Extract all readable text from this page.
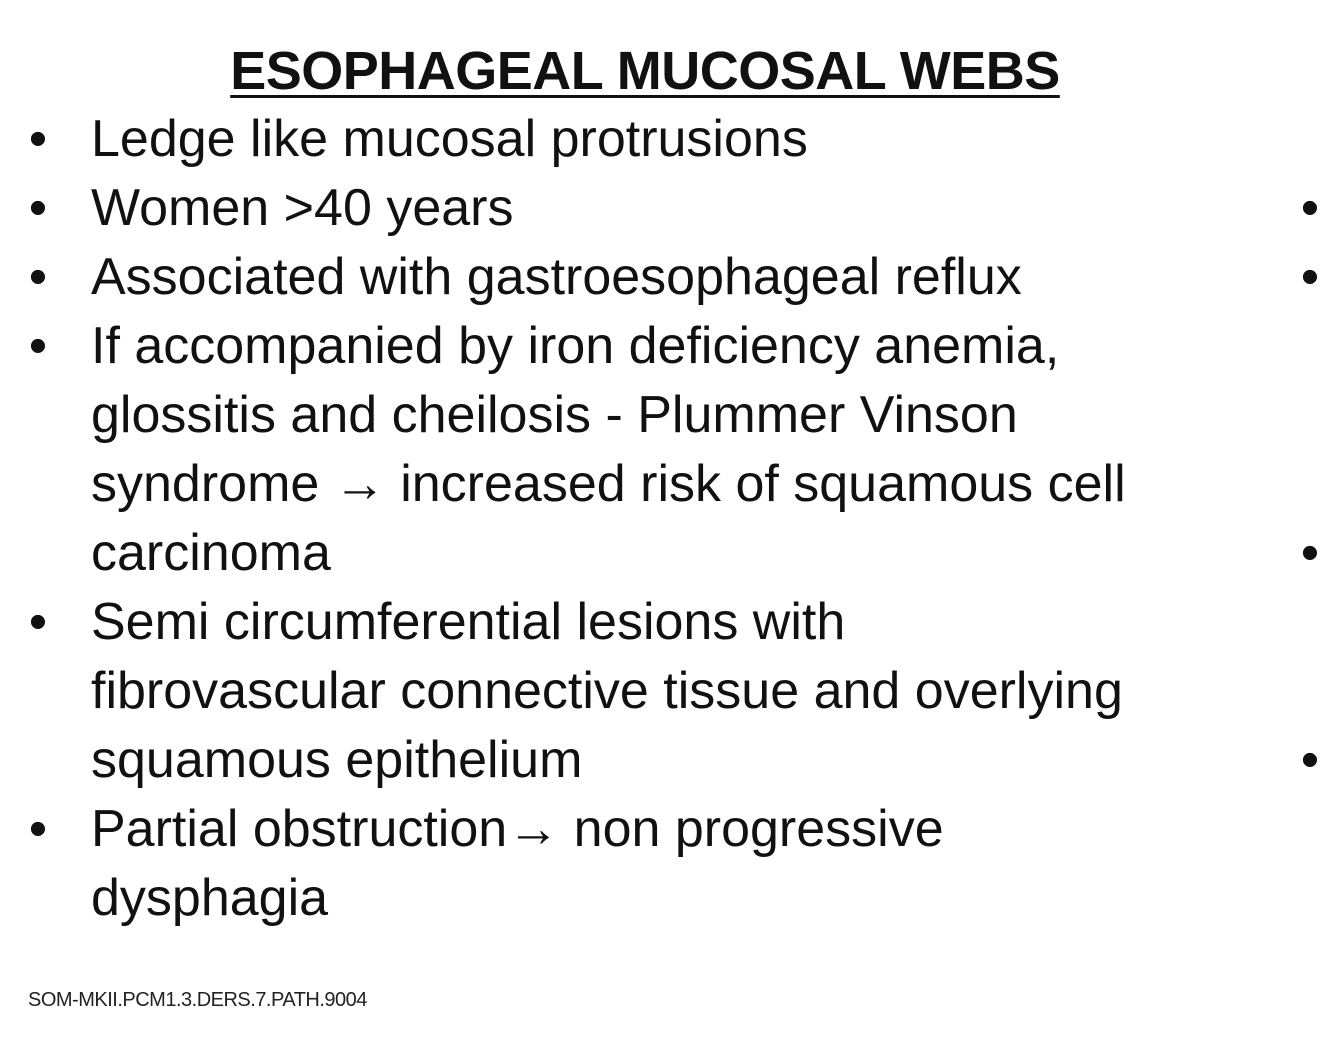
ESOPHAGEAL MUCOSAL WEBS
• Ledge like mucosal protrusions
• Women >40 years
• Associated with gastroesophageal reflux
• If accompanied by iron deficiency anemia,
glossitis and cheilosis - Plummer Vinson
syndrome → increased risk of squamous cell
carcinoma
• Semi circumferential lesions with
fibrovascular connective tissue and overlying
squamous epithelium
• Partial obstruction→ non progressive
dysphagia
•
•
•
•
SOM-MKII.PCM1.3.DERS.7.PATH.9004
